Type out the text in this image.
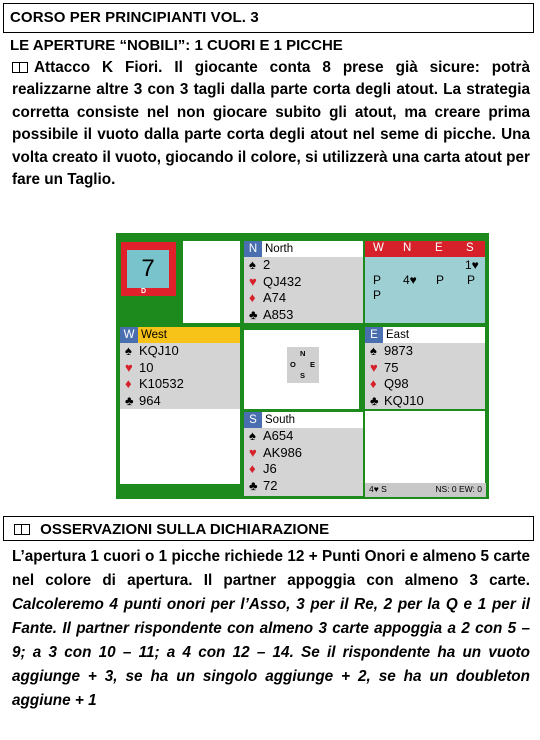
CORSO PER PRINCIPIANTI VOL. 3
LE APERTURE “NOBILI”: 1 CUORI E 1 PICCHE
Attacco K Fiori. Il giocante conta 8 prese già sicure: potrà realizzarne altre 3 con 3 tagli dalla parte corta degli atout. La strategia corretta consiste nel non giocare subito gli atout, ma creare prima possibile il vuoto dalla parte corta degli atout nel seme di picche. Una volta creato il vuoto, giocando il colore, si utilizzerà una carta atout per fare un Taglio.
7
D
N North
♠ 2
♥ QJ432
♦ A74
♣ A853
W N E S
1♥
P 4♥ P P
P
W West
♠ KQJ10
♥ 10
♦ K10532
♣ 964
N
O E
S
E East
♠ 9873
♥ 75
♦ Q98
♣ KQJ10
S South
♠ A654
♥ AK986
♦ J6
♣ 72	4♥ S	NS: 0 EW: 0
OSSERVAZIONI SULLA DICHIARAZIONE
L’apertura 1 cuori o 1 picche richiede 12 + Punti Onori e almeno 5 carte nel colore di apertura. Il partner appoggia con almeno 3 carte. Calcoleremo 4 punti onori per l’Asso, 3 per il Re, 2 per la Q e 1 per il Fante. Il partner rispondente con almeno 3 carte appoggia a 2 con 5 – 9; a 3 con 10 – 11; a 4 con 12 – 14. Se il rispondente ha un vuoto aggiunge + 3, se ha un singolo aggiunge + 2, se ha un doubleton aggiune + 1
